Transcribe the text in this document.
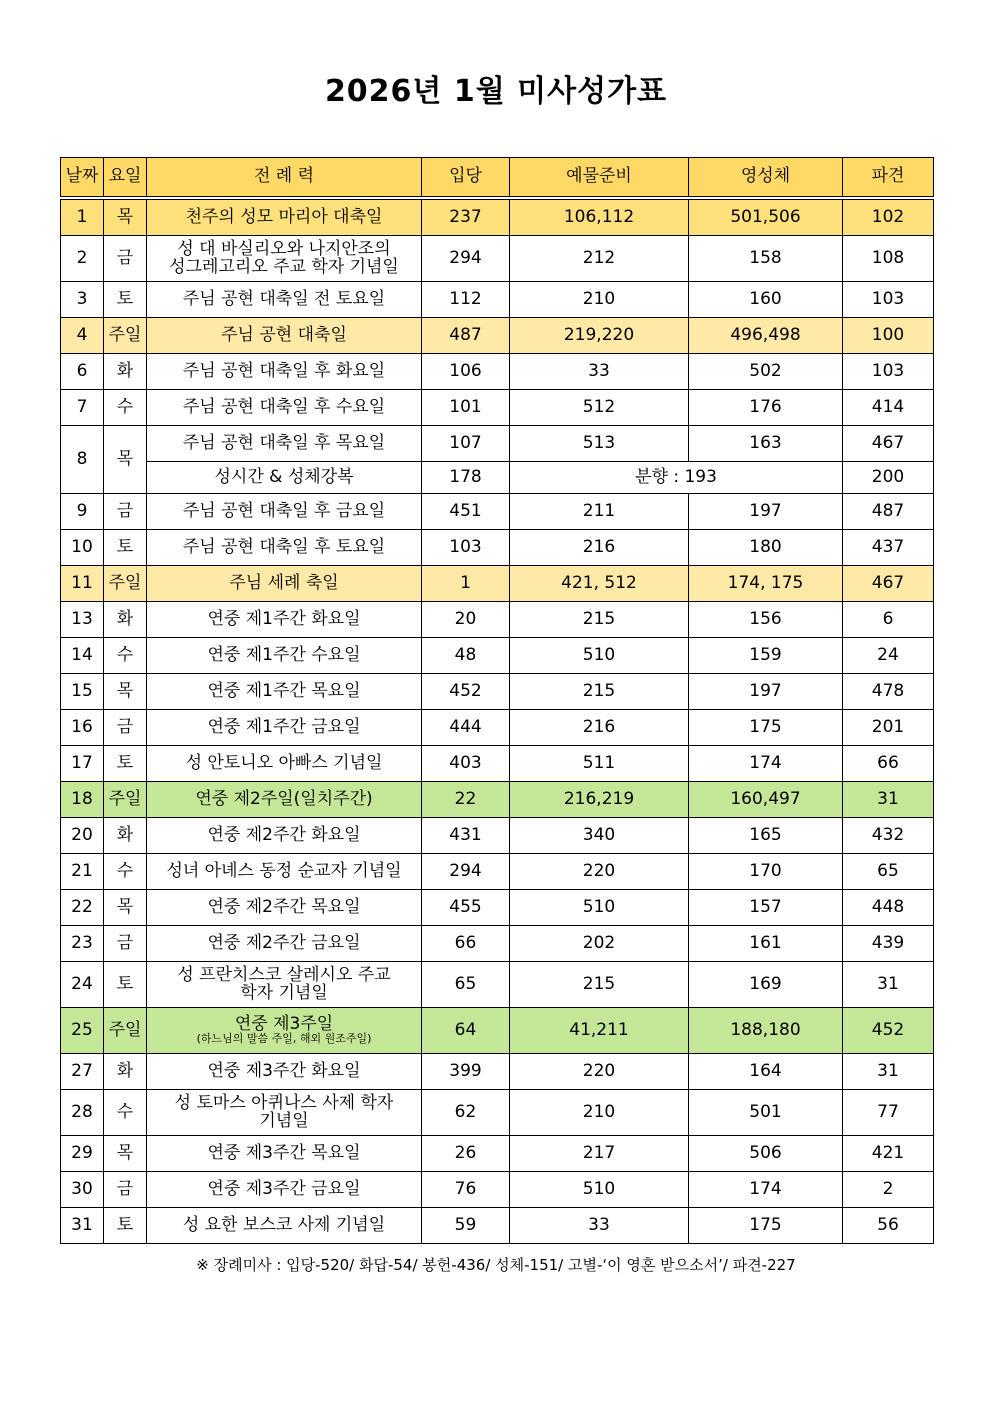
2026년 1월 미사성가표
날짜	요일	전 례 력	입당	예물준비	영성체	파견
1	목	천주의 성모 마리아 대축일	237	106,112	501,506	102
2	금	성 대 바실리오와 나지안조의
성그레고리오 주교 학자 기념일	294	212	158	108
3	토	주님 공현 대축일 전 토요일	112	210	160	103
4	주일	주님 공현 대축일	487	219,220	496,498	100
6	화	주님 공현 대축일 후 화요일	106	33	502	103
7	수	주님 공현 대축일 후 수요일	101	512	176	414
8	목	주님 공현 대축일 후 목요일	107	513	163	467

		성시간 & 성체강복	178	분향 : 193		200
9	금	주님 공현 대축일 후 금요일	451	211	197	487
10	토	주님 공현 대축일 후 토요일	103	216	180	437
11	주일	주님 세례 축일	1	421, 512	174, 175	467
13	화	연중 제1주간 화요일	20	215	156	6
14	수	연중 제1주간 수요일	48	510	159	24
15	목	연중 제1주간 목요일	452	215	197	478
16	금	연중 제1주간 금요일	444	216	175	201
17	토	성 안토니오 아빠스 기념일	403	511	174	66
18	주일	연중 제2주일(일치주간)	22	216,219	160,497	31
20	화	연중 제2주간 화요일	431	340	165	432
21	수	성녀 아녜스 동정 순교자 기념일	294	220	170	65
22	목	연중 제2주간 목요일	455	510	157	448
23	금	연중 제2주간 금요일	66	202	161	439
24	토	성 프란치스코 살레시오 주교
학자 기념일	65	215	169	31
25	주일	연중 제3주일
(하느님의 말씀 주일, 해외 원조주일)	64	41,211	188,180	452
27	화	연중 제3주간 화요일	399	220	164	31
28	수	성 토마스 아퀴나스 사제 학자
기념일	62	210	501	77
29	목	연중 제3주간 목요일	26	217	506	421
30	금	연중 제3주간 금요일	76	510	174	2
31	토	성 요한 보스코 사제 기념일	59	33	175	56
※ 장례미사 : 입당-520/ 화답-54/ 봉헌-436/ 성체-151/ 고별-‘이 영혼 받으소서’/ 파견-227
